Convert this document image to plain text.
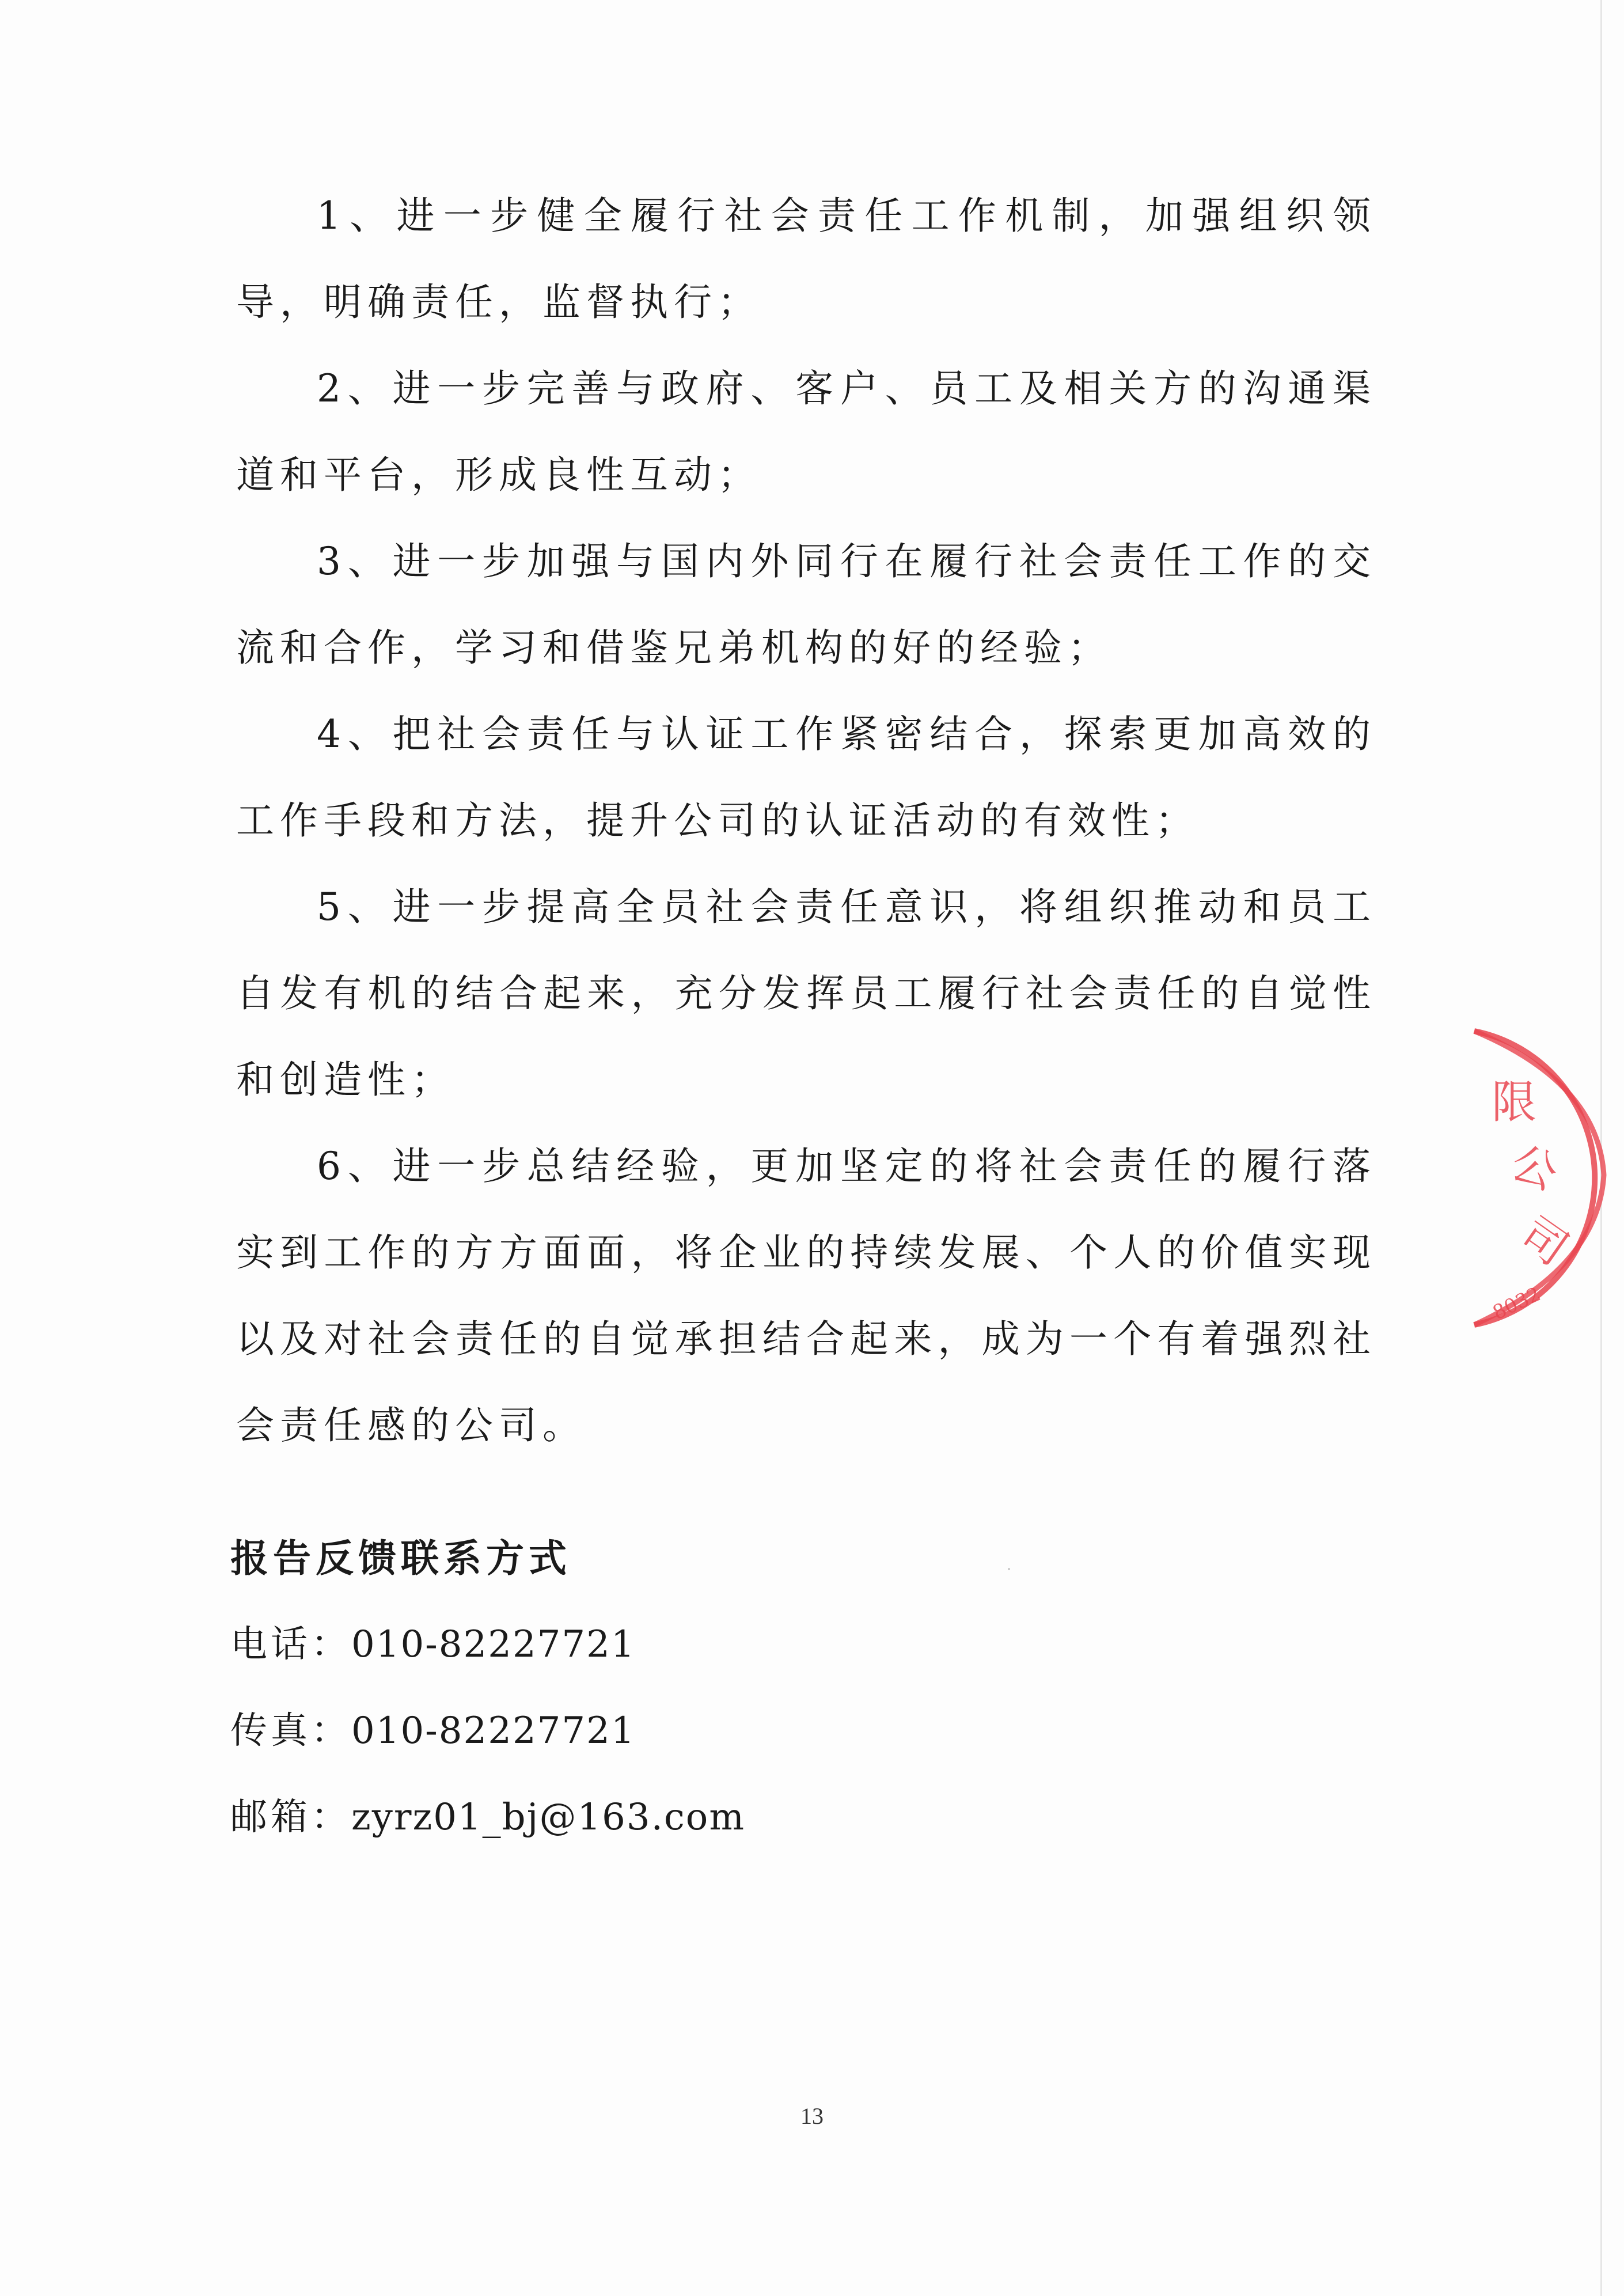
1、进一步健全履行社会责任工作机制，加强组织领导，明确责任，监督执行；

2、进一步完善与政府、客户、员工及相关方的沟通渠道和平台，形成良性互动；

3、进一步加强与国内外同行在履行社会责任工作的交流和合作，学习和借鉴兄弟机构的好的经验；

4、把社会责任与认证工作紧密结合，探索更加高效的工作手段和方法，提升公司的认证活动的有效性；

5、进一步提高全员社会责任意识，将组织推动和员工自发有机的结合起来，充分发挥员工履行社会责任的自觉性和创造性；

6、进一步总结经验，更加坚定的将社会责任的履行落实到工作的方方面面，将企业的持续发展、个人的价值实现以及对社会责任的自觉承担结合起来，成为一个有着强烈社会责任感的公司。

限
公
司
8032

报告反馈联系方式

电话：010-82227721

传真：010-82227721

邮箱：zyrz01_bj@163.com

13
